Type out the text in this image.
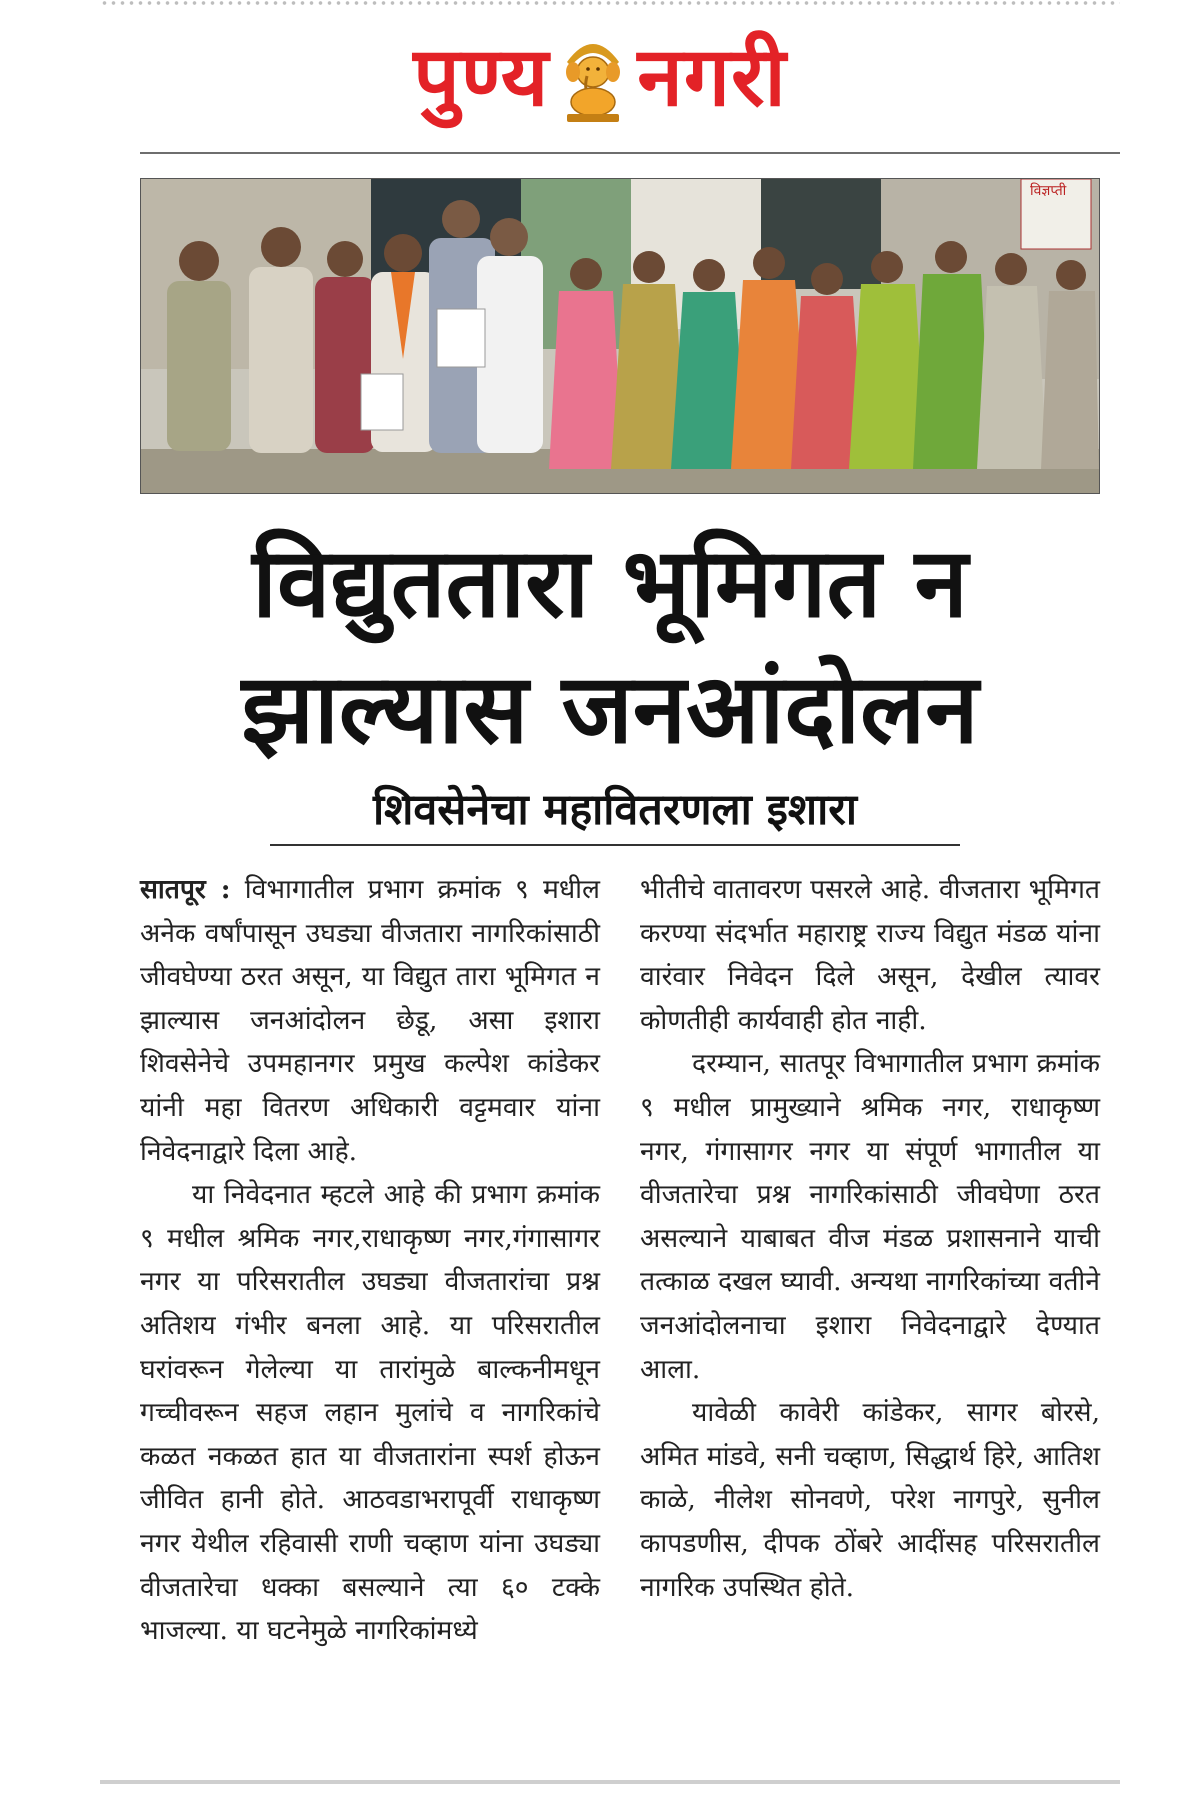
पुण्य नगरी
विज्ञप्ती
विद्युततारा भूमिगत न
झाल्यास जनआंदोलन
शिवसेनेचा महावितरणला इशारा

सातपूर : विभागातील प्रभाग क्रमांक ९ मधील अनेक वर्षांपासून उघड्या वीजतारा नागरिकांसाठी जीवघेण्या ठरत असून, या विद्युत तारा भूमिगत न झाल्यास जनआंदोलन छेडू, असा इशारा शिवसेनेचे उपमहानगर प्रमुख कल्पेश कांडेकर यांनी महा वितरण अधिकारी वट्टमवार यांना निवेदनाद्वारे दिला आहे.

या निवेदनात म्हटले आहे की प्रभाग क्रमांक ९ मधील श्रमिक नगर,राधाकृष्ण नगर,गंगासागर नगर या परिसरातील उघड्या वीजतारांचा प्रश्न अतिशय गंभीर बनला आहे. या परिसरातील घरांवरून गेलेल्या या तारांमुळे बाल्कनीमधून गच्चीवरून सहज लहान मुलांचे व नागरिकांचे कळत नकळत हात या वीजतारांना स्पर्श होऊन जीवित हानी होते. आठवडाभरापूर्वी राधाकृष्ण नगर येथील रहिवासी राणी चव्हाण यांना उघड्या वीजतारेचा धक्का बसल्याने त्या ६० टक्के भाजल्या. या घटनेमुळे नागरिकांमध्ये

भीतीचे वातावरण पसरले आहे. वीजतारा भूमिगत करण्या संदर्भात महाराष्ट्र राज्य विद्युत मंडळ यांना वारंवार निवेदन दिले असून, देखील त्यावर कोणतीही कार्यवाही होत नाही.

दरम्यान, सातपूर विभागातील प्रभाग क्रमांक ९ मधील प्रामुख्याने श्रमिक नगर, राधाकृष्ण नगर, गंगासागर नगर या संपूर्ण भागातील या वीजतारेचा प्रश्न नागरिकांसाठी जीवघेणा ठरत असल्याने याबाबत वीज मंडळ प्रशासनाने याची तत्काळ दखल घ्यावी. अन्यथा नागरिकांच्या वतीने जनआंदोलनाचा इशारा निवेदनाद्वारे देण्यात आला.

यावेळी कावेरी कांडेकर, सागर बोरसे, अमित मांडवे, सनी चव्हाण, सिद्धार्थ हिरे, आतिश काळे, नीलेश सोनवणे, परेश नागपुरे, सुनील कापडणीस, दीपक ठोंबरे आदींसह परिसरातील नागरिक उपस्थित होते.
